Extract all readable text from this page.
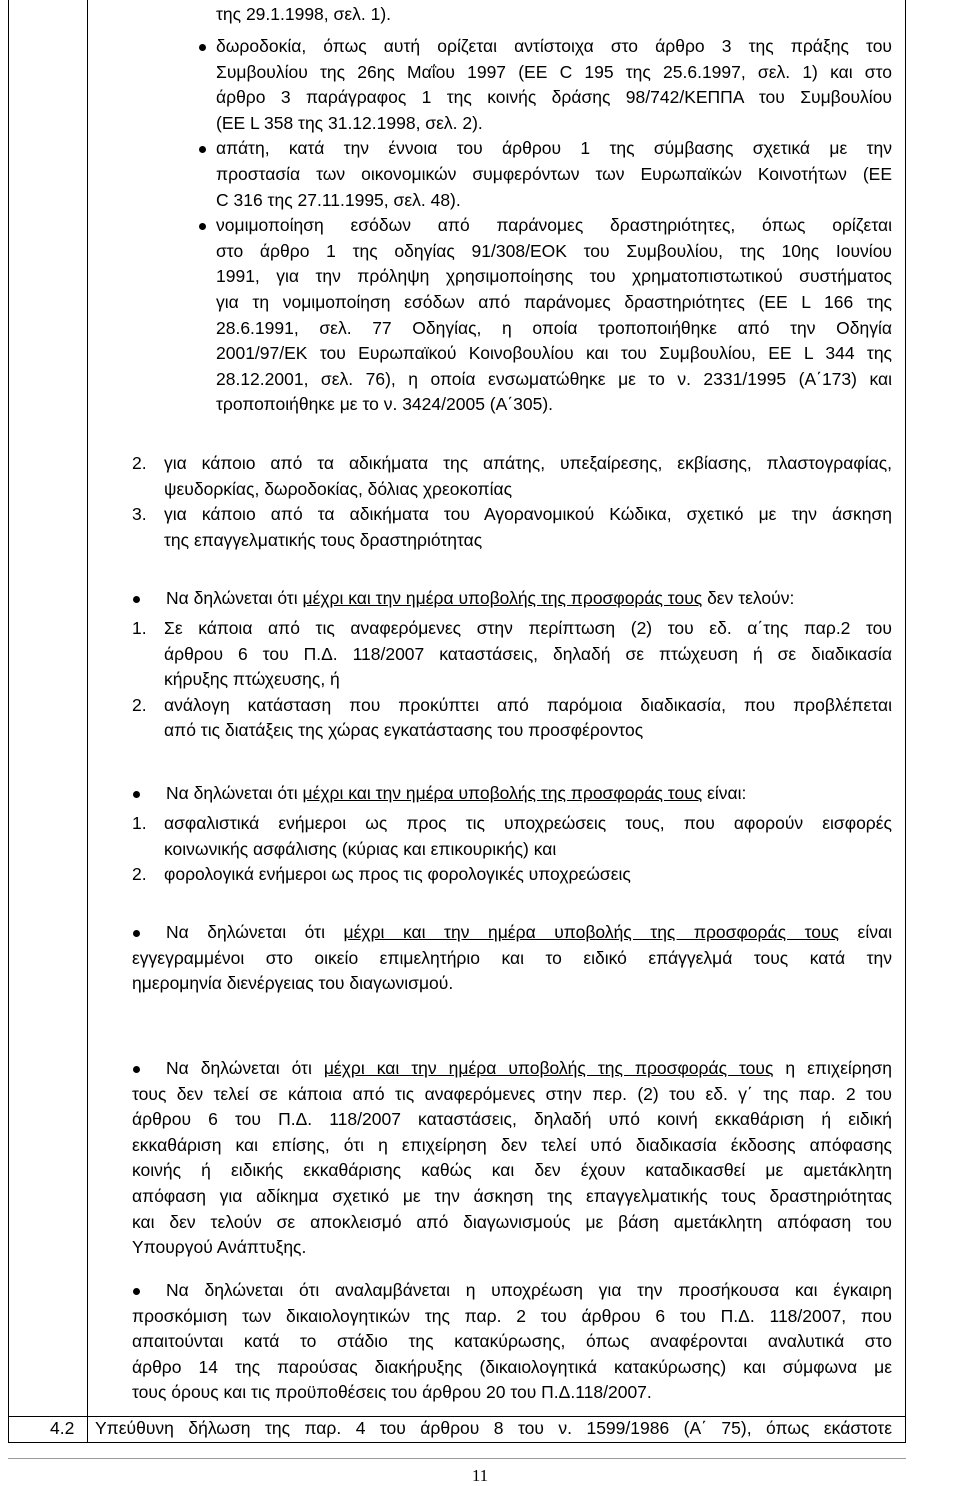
της 29.1.1998, σελ. 1).
δωροδοκία, όπως αυτή ορίζεται αντίστοιχα στο άρθρο 3 της πράξης του
Συμβουλίου της 26ης Μαΐου 1997 (ΕΕ C 195 της 25.6.1997, σελ. 1) και στο
άρθρο 3 παράγραφος 1 της κοινής δράσης 98/742/ΚΕΠΠΑ του Συμβουλίου
(ΕΕ L 358 της 31.12.1998, σελ. 2).
απάτη, κατά την έννοια του άρθρου 1 της σύμβασης σχετικά με την
προστασία των οικονομικών συμφερόντων των Ευρωπαϊκών Κοινοτήτων (ΕΕ
C 316 της 27.11.1995, σελ. 48).
νομιμοποίηση εσόδων από παράνομες δραστηριότητες, όπως ορίζεται
στο άρθρο 1 της οδηγίας 91/308/ΕΟΚ του Συμβουλίου, της 10ης Ιουνίου
1991, για την πρόληψη χρησιμοποίησης του χρηματοπιστωτικού συστήματος
για τη νομιμοποίηση εσόδων από παράνομες δραστηριότητες (ΕΕ L 166 της
28.6.1991, σελ. 77 Οδηγίας, η οποία τροποποιήθηκε από την Οδηγία
2001/97/ΕΚ του Ευρωπαϊκού Κοινοβουλίου και του Συμβουλίου, ΕΕ L 344 της
28.12.2001, σελ. 76), η οποία ενσωματώθηκε με το ν. 2331/1995 (Α΄173) και
τροποποιήθηκε με το ν. 3424/2005 (Α΄305).
2. για κάποιο από τα αδικήματα της απάτης, υπεξαίρεσης, εκβίασης, πλαστογραφίας,
ψευδορκίας, δωροδοκίας, δόλιας χρεοκοπίας
3. για κάποιο από τα αδικήματα του Αγορανομικού Κώδικα, σχετικό με την άσκηση
της επαγγελματικής τους δραστηριότητας
Να δηλώνεται ότι μέχρι και την ημέρα υποβολής της προσφοράς τους δεν τελούν:
1. Σε κάποια από τις αναφερόμενες στην περίπτωση (2) του εδ. α΄της παρ.2 του
άρθρου 6 του Π.Δ. 118/2007 καταστάσεις, δηλαδή σε πτώχευση ή σε διαδικασία
κήρυξης πτώχευσης, ή
2. ανάλογη κατάσταση που προκύπτει από παρόμοια διαδικασία, που προβλέπεται
από τις διατάξεις της χώρας εγκατάστασης του προσφέροντος
Να δηλώνεται ότι μέχρι και την ημέρα υποβολής της προσφοράς τους είναι:
1. ασφαλιστικά ενήμεροι ως προς τις υποχρεώσεις τους, που αφορούν εισφορές
κοινωνικής ασφάλισης (κύριας και επικουρικής) και
2. φορολογικά ενήμεροι ως προς τις φορολογικές υποχρεώσεις
Να δηλώνεται ότι μέχρι και την ημέρα υποβολής της προσφοράς τους είναι
εγγεγραμμένοι στο οικείο επιμελητήριο και το ειδικό επάγγελμά τους κατά την
ημερομηνία διενέργειας του διαγωνισμού.
Να δηλώνεται ότι μέχρι και την ημέρα υποβολής της προσφοράς τους η επιχείρηση
τους δεν τελεί σε κάποια από τις αναφερόμενες στην περ. (2) του εδ. γ΄ της παρ. 2 του
άρθρου 6 του Π.Δ. 118/2007 καταστάσεις, δηλαδή υπό κοινή εκκαθάριση ή ειδική
εκκαθάριση και επίσης, ότι η επιχείρηση δεν τελεί υπό διαδικασία έκδοσης απόφασης
κοινής ή ειδικής εκκαθάρισης καθώς και δεν έχουν καταδικασθεί με αμετάκλητη
απόφαση για αδίκημα σχετικό με την άσκηση της επαγγελματικής τους δραστηριότητας
και δεν τελούν σε αποκλεισμό από διαγωνισμούς με βάση αμετάκλητη απόφαση του
Υπουργού Ανάπτυξης.
Να δηλώνεται ότι αναλαμβάνεται η υποχρέωση για την προσήκουσα και έγκαιρη
προσκόμιση των δικαιολογητικών της παρ. 2 του άρθρου 6 του Π.Δ. 118/2007, που
απαιτούνται κατά το στάδιο της κατακύρωσης, όπως αναφέρονται αναλυτικά στο
άρθρο 14 της παρούσας διακήρυξης (δικαιολογητικά κατακύρωσης) και σύμφωνα με
τους όρους και τις προϋποθέσεις του άρθρου 20 του Π.Δ.118/2007.
4.2 Υπεύθυνη δήλωση της παρ. 4 του άρθρου 8 του ν. 1599/1986 (Α΄ 75), όπως εκάστοτε
11
